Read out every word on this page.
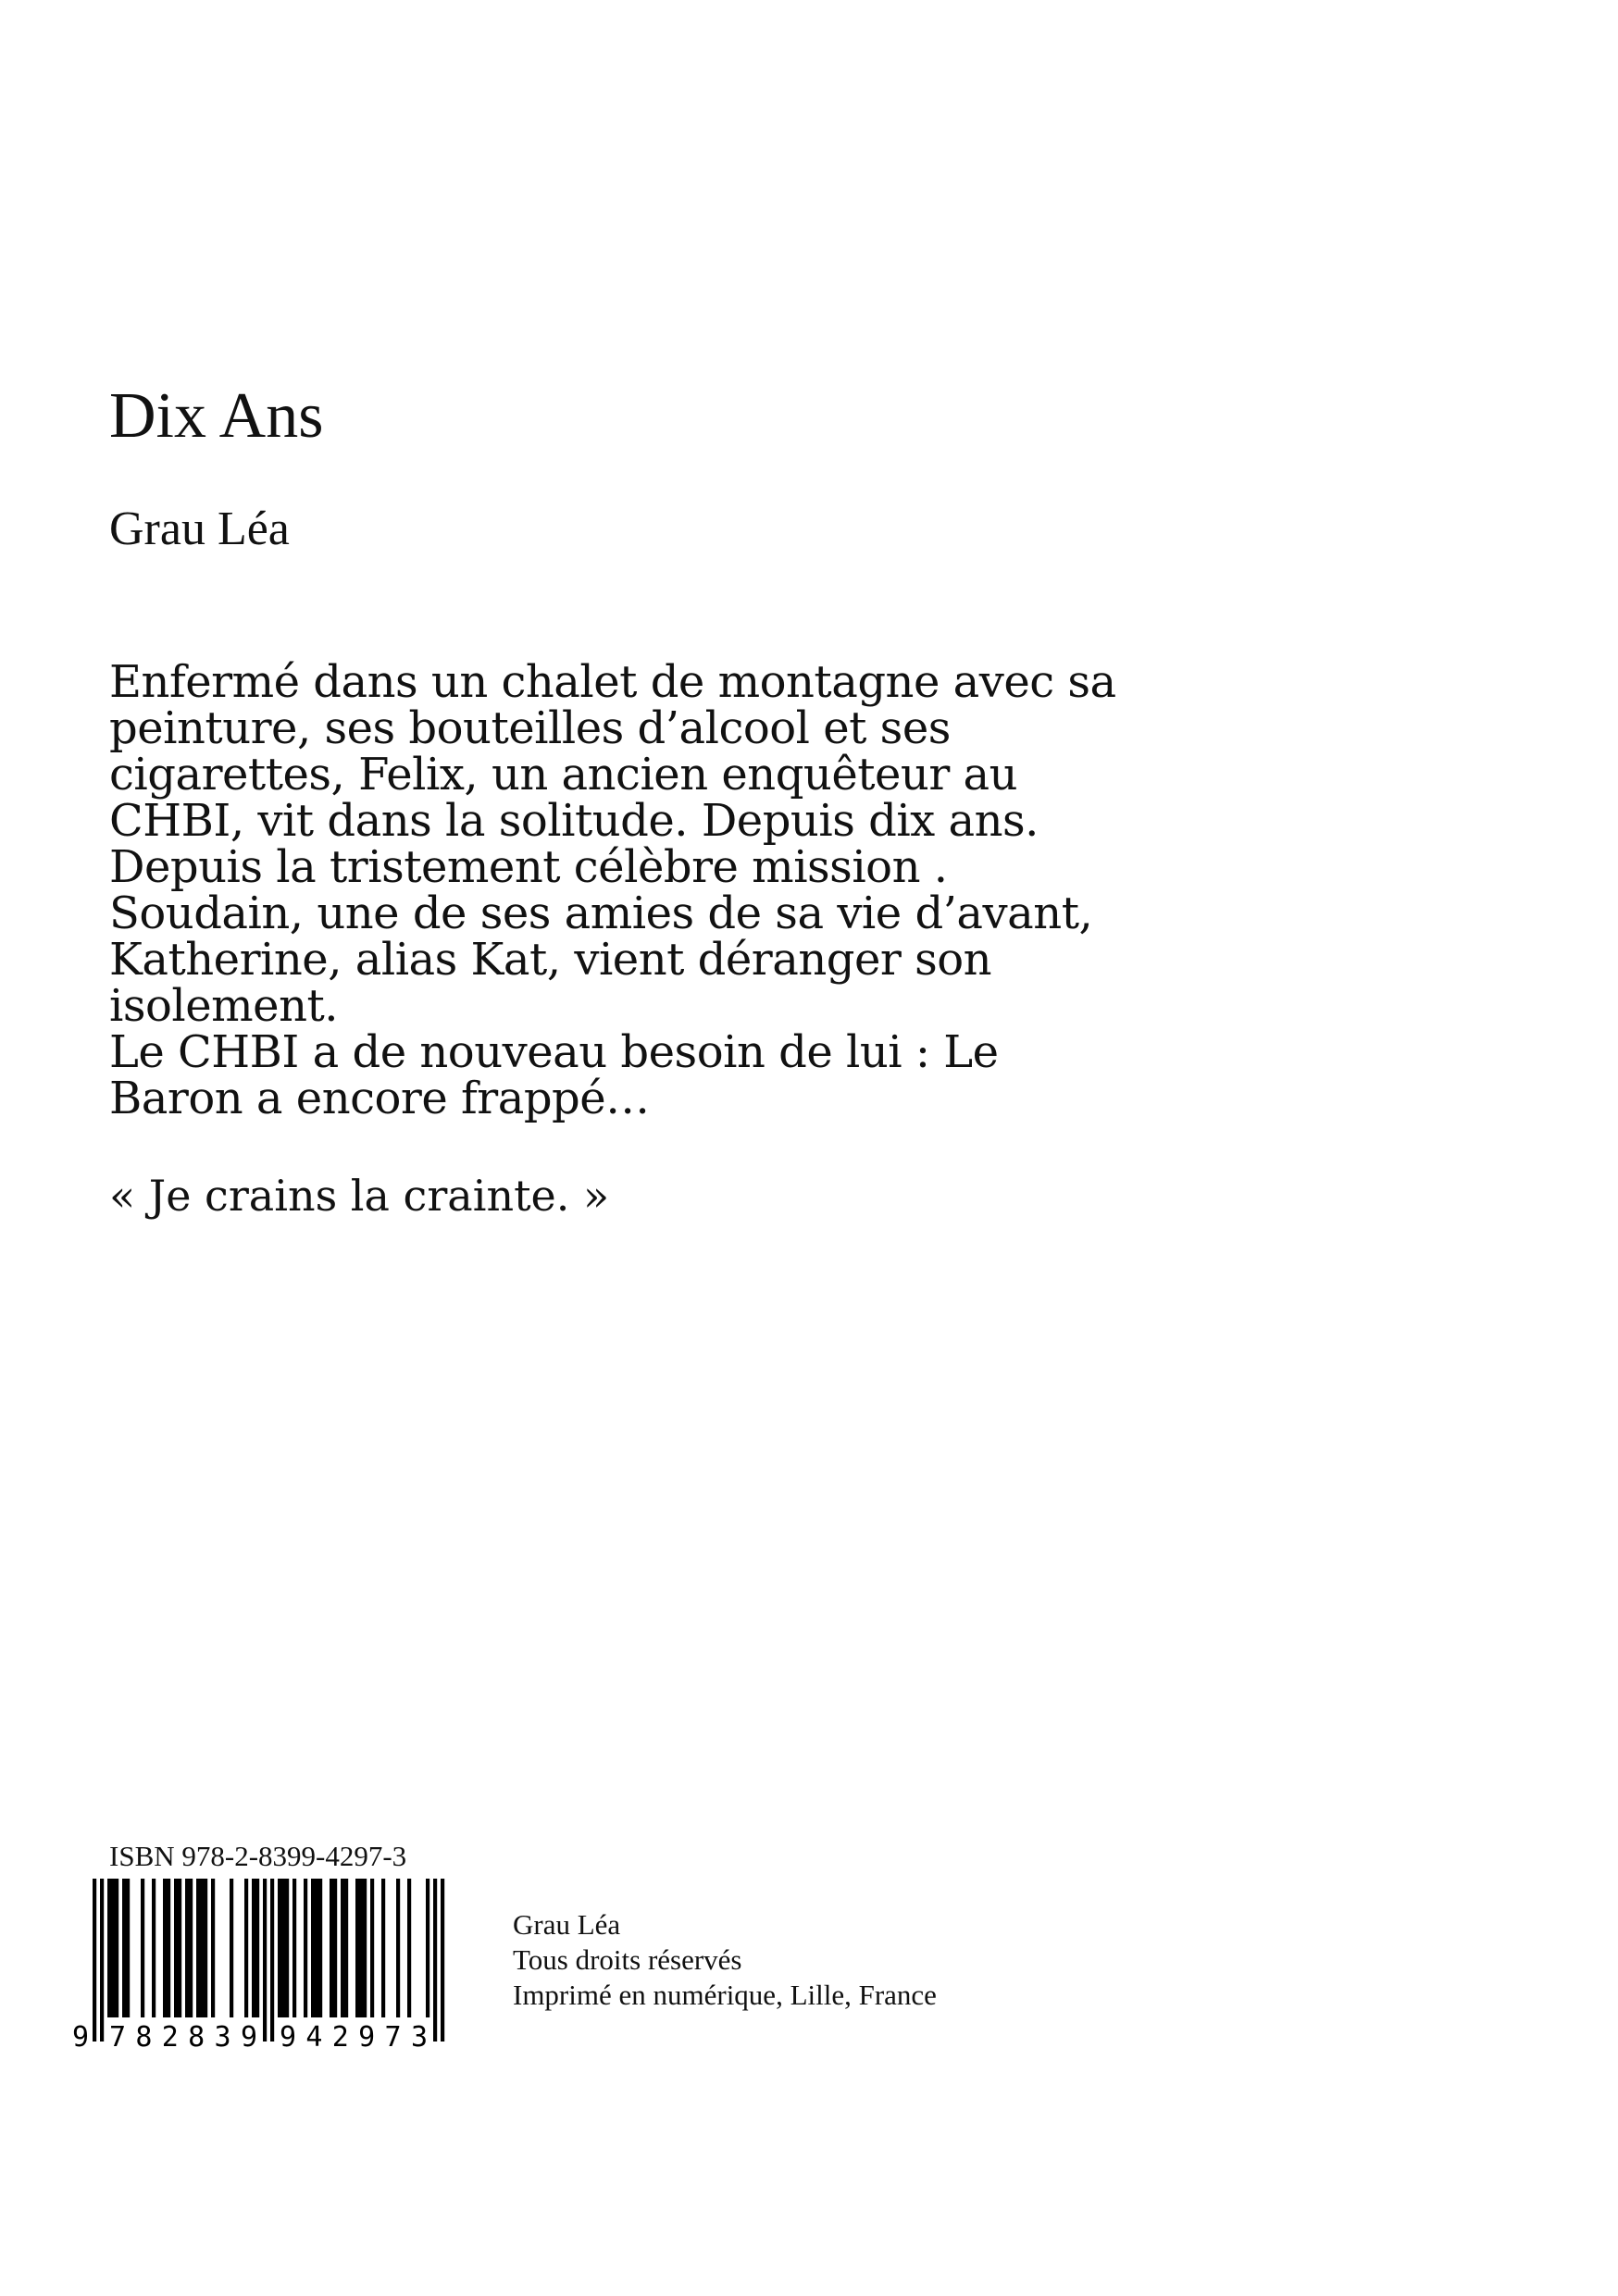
Dix Ans
Grau Léa
Enfermé dans un chalet de montagne avec sa
peinture, ses bouteilles d’alcool et ses
cigarettes, Felix, un ancien enquêteur au
CHBI, vit dans la solitude. Depuis dix ans.
Depuis la tristement célèbre mission .
Soudain, une de ses amies de sa vie d’avant,
Katherine, alias Kat, vient déranger son
isolement.
Le CHBI a de nouveau besoin de lui : Le
Baron a encore frappé…
« Je crains la crainte. »
ISBN 978-2-8399-4297-3
9 782839 942973
Grau Léa
Tous droits réservés
Imprimé en numérique, Lille, France
